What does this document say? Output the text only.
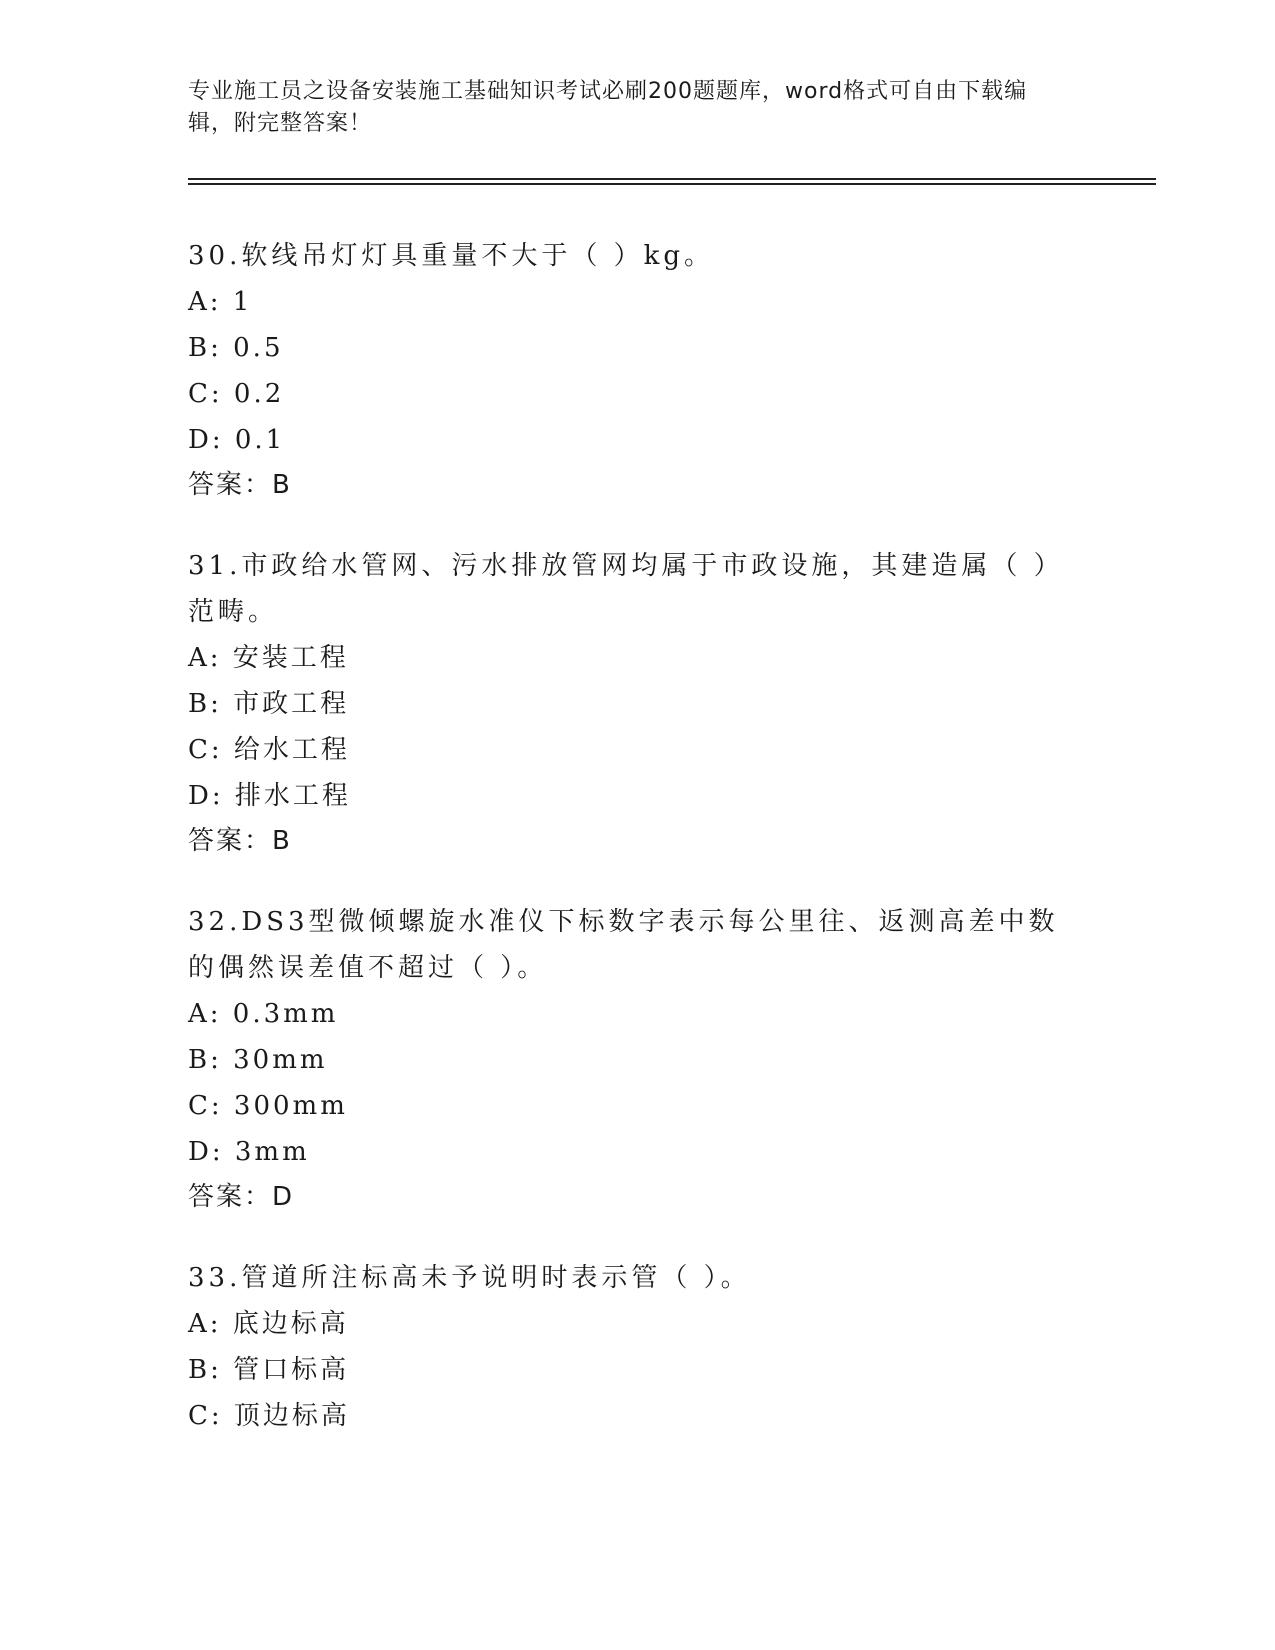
专业施工员之设备安装施工基础知识考试必刷200题题库，word格式可自由下载编辑，附完整答案！

30.软线吊灯灯具重量不大于（ ）kg。

A: 1

B: 0.5

C: 0.2

D: 0.1

答案：B

31.市政给水管网、污水排放管网均属于市政设施，其建造属（ ）范畴。

A: 安装工程

B: 市政工程

C: 给水工程

D: 排水工程

答案：B

32.DS3型微倾螺旋水准仪下标数字表示每公里往、返测高差中数的偶然误差值不超过（ ）。

A: 0.3mm

B: 30mm

C: 300mm

D: 3mm

答案：D

33.管道所注标高未予说明时表示管（ ）。

A: 底边标高

B: 管口标高

C: 顶边标高
